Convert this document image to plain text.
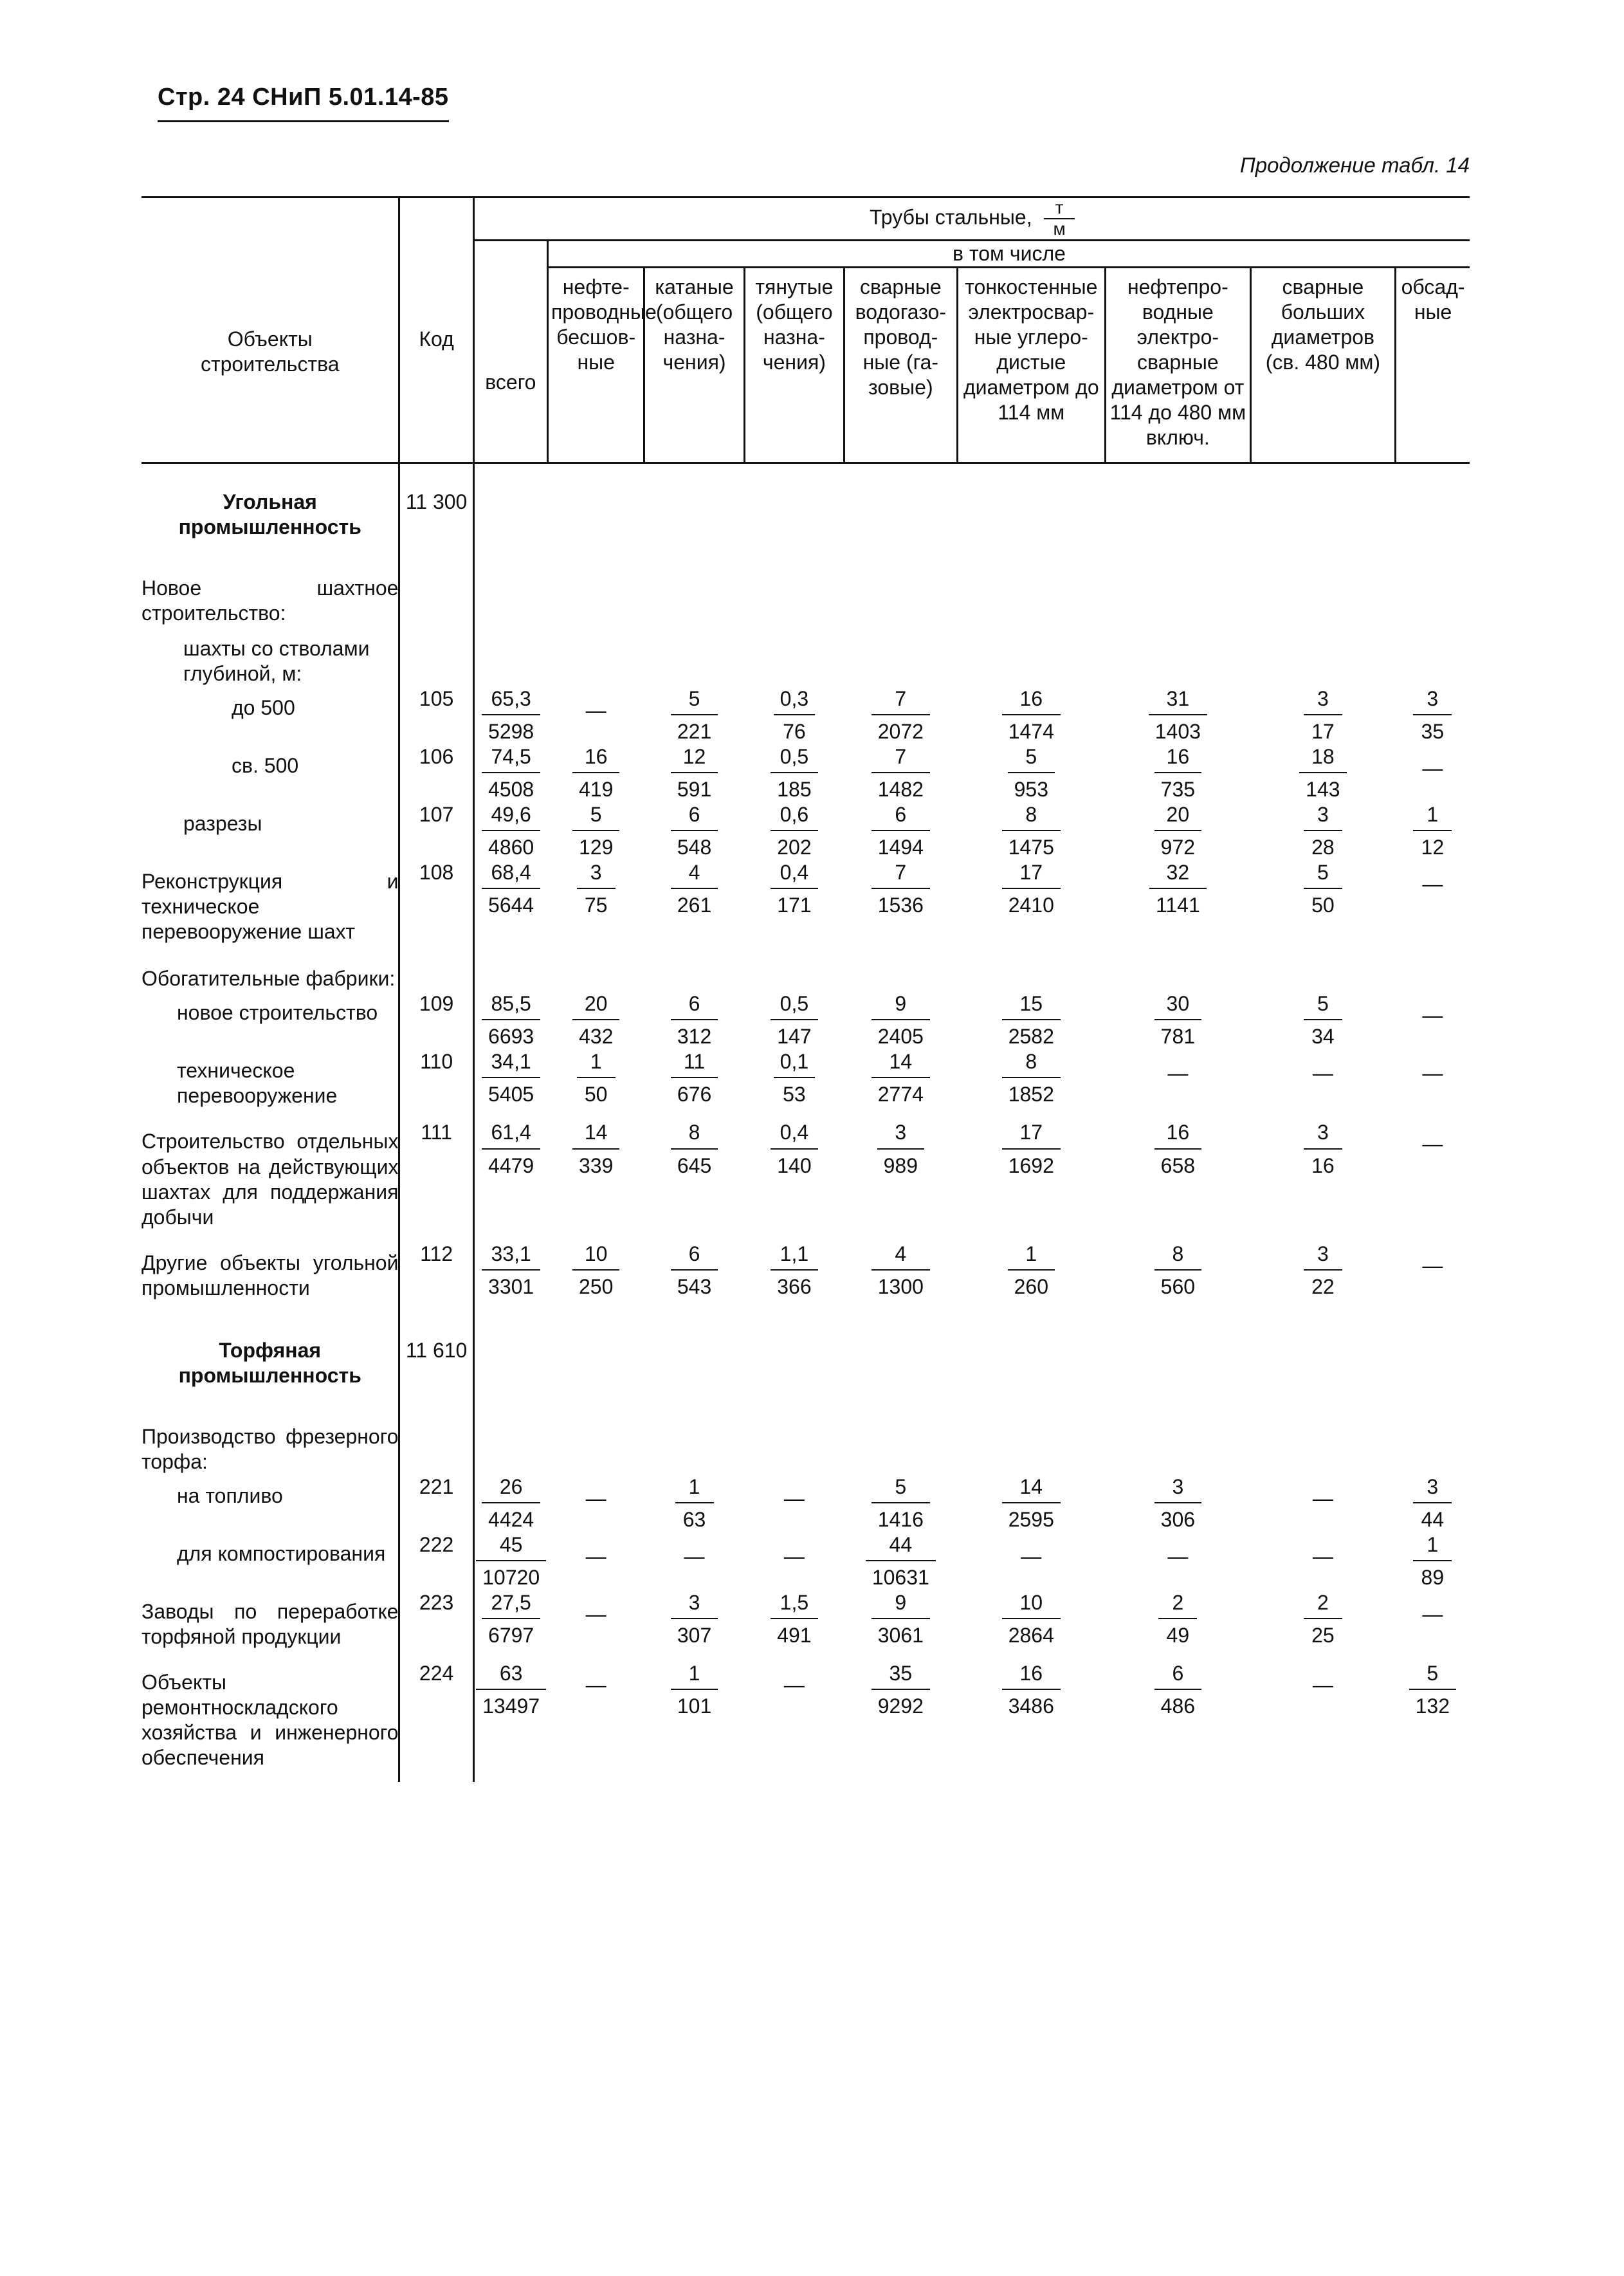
Стр. 24 СНиП 5.01.14-85
Продолжение табл. 14
Объекты строительства	Код	Трубы стальные, $\frac{т}{м}$

		всего	в том числе							
			нефте-проводные бесшов-ные	катаные (общего назна-чения)	тянутые (общего назна-чения)	сварные водогазо-провод-ные (га-зовые)	тонкостенные электросвар-ные углеро-дистые диаметром до 114 мм	нефтепро-водные электро-сварные диаметром от 114 до 480 мм включ.	сварные больших диаметров (св. 480 мм)	обсад-ные
Угольная промышленность	11 300									
Новое шахтное строительство:										
шахты со стволами глубиной, м:										
до 500	105	$\frac{65,3}{5298}$	—	$\frac{5}{221}$	$\frac{0,3}{76}$	$\frac{7}{2072}$	$\frac{16}{1474}$	$\frac{31}{1403}$	$\frac{3}{17}$	$\frac{3}{35}$

св. 500	106	$\frac{74,5}{4508}$	$\frac{16}{419}$	$\frac{12}{591}$	$\frac{0,5}{185}$	$\frac{7}{1482}$	$\frac{5}{953}$	$\frac{16}{735}$	$\frac{18}{143}$	—
разрезы	107	$\frac{49,6}{4860}$	$\frac{5}{129}$	$\frac{6}{548}$	$\frac{0,6}{202}$	$\frac{6}{1494}$	$\frac{8}{1475}$	$\frac{20}{972}$	$\frac{3}{28}$	$\frac{1}{12}$

Реконструкция и техническое перевооружение шахт	108	$\frac{68,4}{5644}$	$\frac{3}{75}$	$\frac{4}{261}$	$\frac{0,4}{171}$	$\frac{7}{1536}$	$\frac{17}{2410}$	$\frac{32}{1141}$	$\frac{5}{50}$	—
Обогатительные фабрики:										
новое строительство	109	$\frac{85,5}{6693}$	$\frac{20}{432}$	$\frac{6}{312}$	$\frac{0,5}{147}$	$\frac{9}{2405}$	$\frac{15}{2582}$	$\frac{30}{781}$	$\frac{5}{34}$	—
техническое перевооружение	110	$\frac{34,1}{5405}$	$\frac{1}{50}$	$\frac{11}{676}$	$\frac{0,1}{53}$	$\frac{14}{2774}$	$\frac{8}{1852}$	—	—	—
Строительство отдельных объектов на действующих шахтах для поддержания добычи	111	$\frac{61,4}{4479}$	$\frac{14}{339}$	$\frac{8}{645}$	$\frac{0,4}{140}$	$\frac{3}{989}$	$\frac{17}{1692}$	$\frac{16}{658}$	$\frac{3}{16}$	—
Другие объекты угольной промышленности	112	$\frac{33,1}{3301}$	$\frac{10}{250}$	$\frac{6}{543}$	$\frac{1,1}{366}$	$\frac{4}{1300}$	$\frac{1}{260}$	$\frac{8}{560}$	$\frac{3}{22}$	—
Торфяная промышленность	11 610									
Производство фрезерного торфа:										
на топливо	221	$\frac{26}{4424}$	—	$\frac{1}{63}$	—	$\frac{5}{1416}$	$\frac{14}{2595}$	$\frac{3}{306}$	—	$\frac{3}{44}$

для компостирования	222	$\frac{45}{10720}$	—	—	—	$\frac{44}{10631}$	—	—	—	$\frac{1}{89}$

Заводы по переработке торфяной продукции	223	$\frac{27,5}{6797}$	—	$\frac{3}{307}$	$\frac{1,5}{491}$	$\frac{9}{3061}$	$\frac{10}{2864}$	$\frac{2}{49}$	$\frac{2}{25}$	—
Объекты ремонтноскладского хозяйства и инженерного обеспечения	224	$\frac{63}{13497}$	—	$\frac{1}{101}$	—	$\frac{35}{9292}$	$\frac{16}{3486}$	$\frac{6}{486}$	—	$\frac{5}{132}$
